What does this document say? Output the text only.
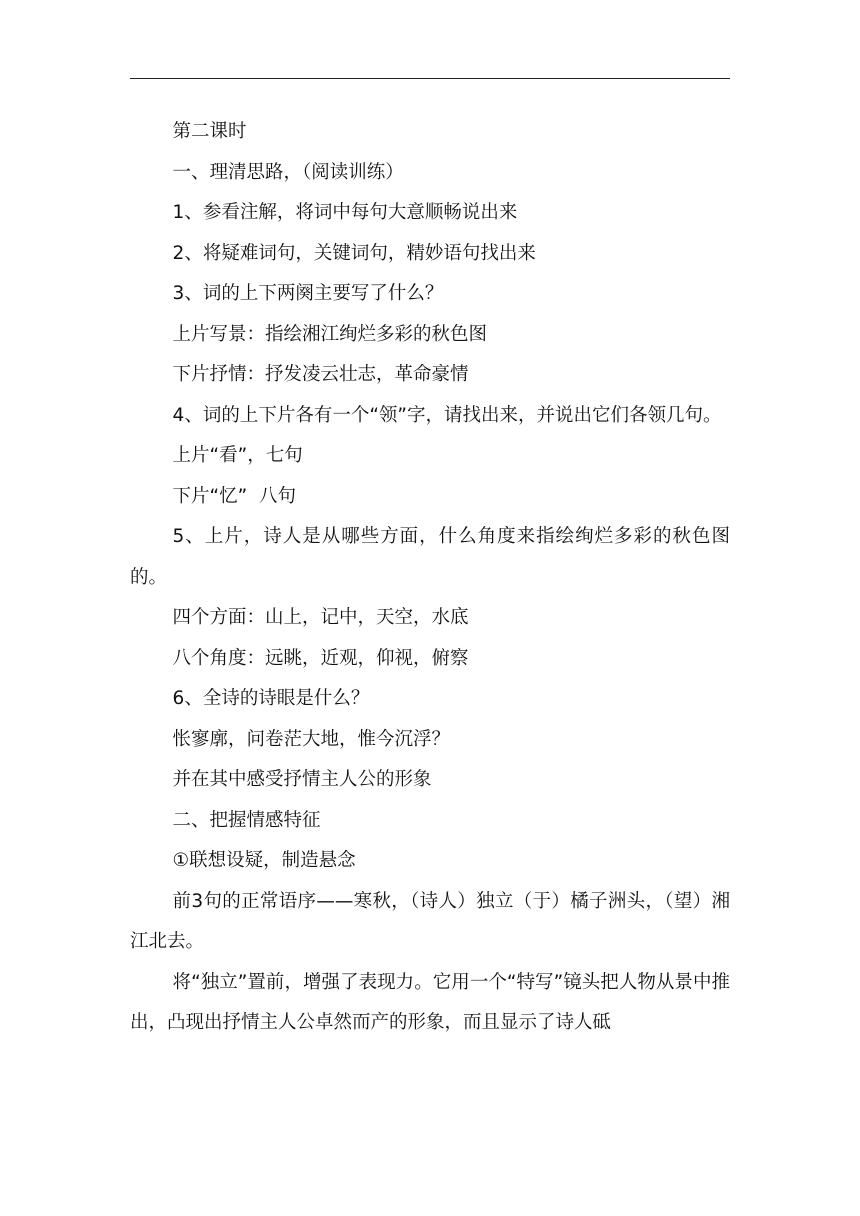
第二课时

一、理清思路，（阅读训练）

1、参看注解，将词中每句大意顺畅说出来

2、将疑难词句，关键词句，精妙语句找出来

3、词的上下两阕主要写了什么？

上片写景：指绘湘江绚烂多彩的秋色图

下片抒情：抒发凌云壮志，革命豪情

4、词的上下片各有一个“领”字，请找出来，并说出它们各领几句。

上片“看”，七句

下片“忆”  八句

5、上片，诗人是从哪些方面，什么角度来指绘绚烂多彩的秋色图的。

四个方面：山上，记中，天空，水底

八个角度：远眺，近观，仰视，俯察

6、全诗的诗眼是什么？

怅寥廓，问卷茫大地，惟今沉浮？

并在其中感受抒情主人公的形象

二、把握情感特征

①联想设疑，制造悬念

前3句的正常语序——寒秋，（诗人）独立（于）橘子洲头，（望）湘江北去。

将“独立”置前，增强了表现力。它用一个“特写”镜头把人物从景中推出，凸现出抒情主人公卓然而产的形象，而且显示了诗人砥
